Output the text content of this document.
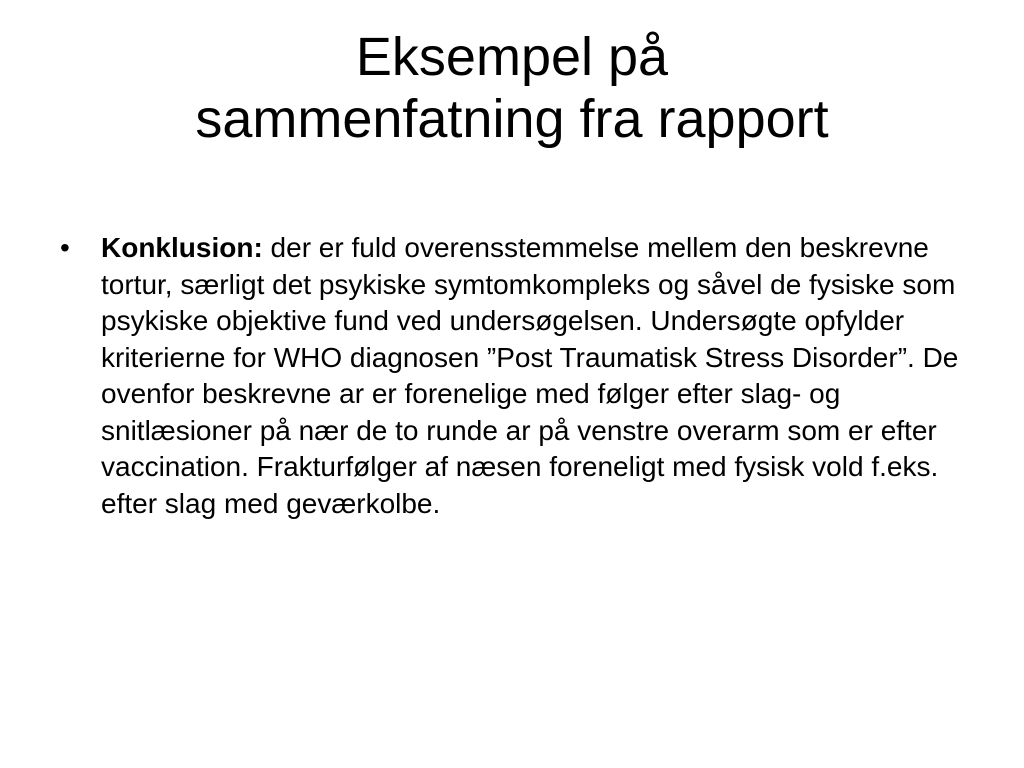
Eksempel på
sammenfatning fra rapport
• Konklusion: der er fuld overensstemmelse mellem den beskrevne tortur, særligt det psykiske symtomkompleks og såvel de fysiske som psykiske objektive fund ved undersøgelsen. Undersøgte opfylder kriterierne for WHO diagnosen ”Post Traumatisk Stress Disorder”. De ovenfor beskrevne ar er forenelige med følger efter slag- og snitlæsioner på nær de to runde ar på venstre overarm som er efter vaccination. Frakturfølger af næsen foreneligt med fysisk vold f.eks. efter slag med geværkolbe.
